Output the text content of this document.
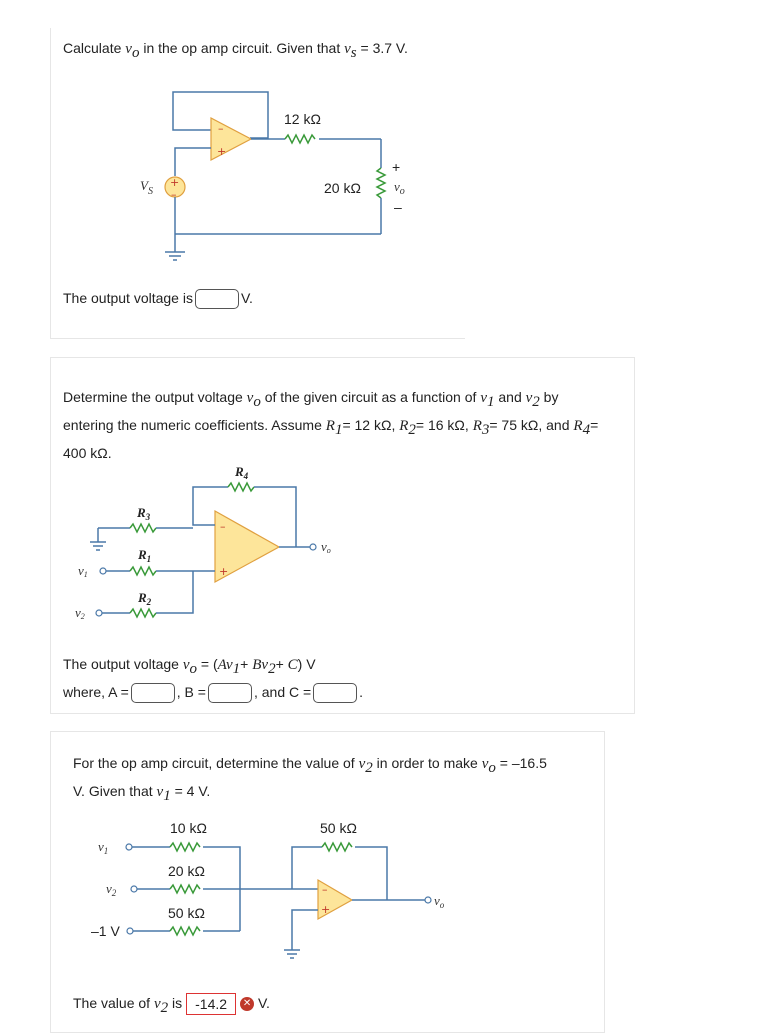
Calculate $v_o$ in the op amp circuit. Given that $v_s = 3.7$ V.
–
+
+
–
12 kΩ
20 kΩ
$V_S$
+
$v_o$
–
The output voltage is	V.
Determine the output voltage $v_o$ of the given circuit as a function of $v_1$ and $v_2$ by
entering the numeric coefficients. Assume $R_1= 12$ kΩ, $R_2= 16$ kΩ, $R_3= 75$ kΩ, and $R_4=$
400 kΩ.
–
+
$R_4$
$R_3$
$R_1$
$R_2$
v1
v2
vo
The output voltage $v_o = (Av_1+ Bv_2+ C)$ V
where, A =	, B =	, and C =	.
For the op amp circuit, determine the value of $v_2$ in order to make $v_o = -16.5$
V. Given that $v_1 = 4$ V.
–
+
10 kΩ
20 kΩ
50 kΩ
50 kΩ
$v_1$
$v_2$
–1 V
$v_o$
The value of $v_2$ is -14.2 ✕ V.
